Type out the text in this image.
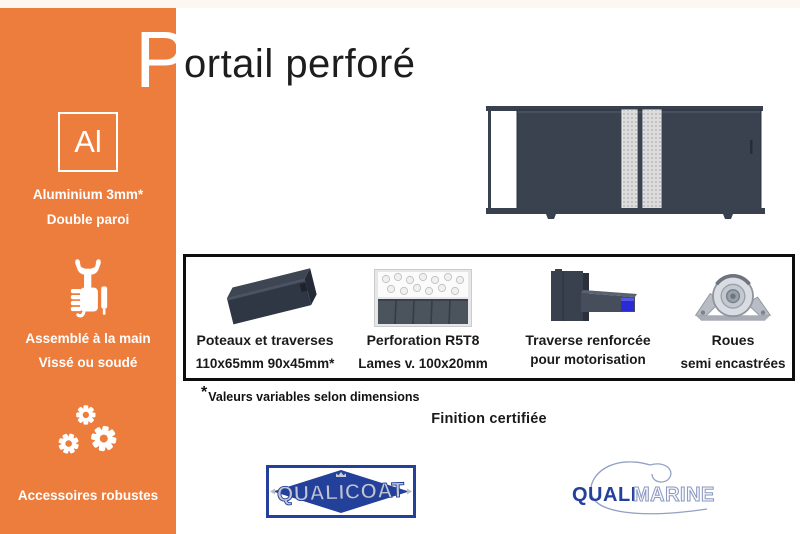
Al
Aluminium 3mm*
Double paroi
Assemblé à la main
Vissé ou soudé
Accessoires robustes
P
ortail perforé
Poteaux et traverses
110x65mm 90x45mm*
Perforation R5T8
Lames v. 100x20mm
Traverse renforcée
pour motorisation
Roues
semi encastrées
*Valeurs variables selon dimensions
Finition certifiée
QUALICOAT	QUALI
MARINE
